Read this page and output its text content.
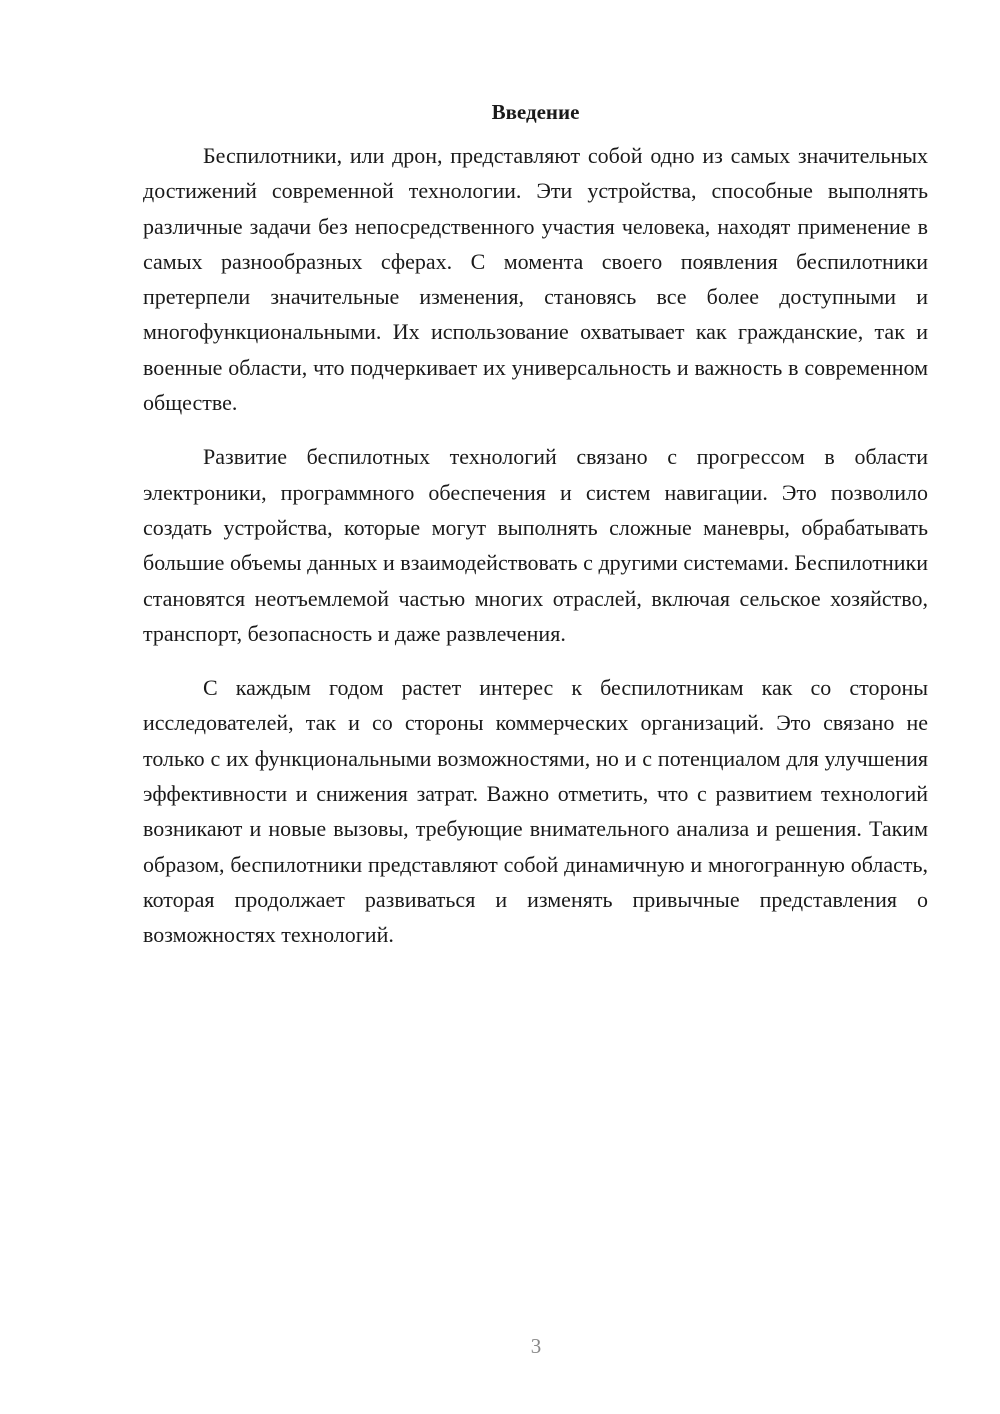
Введение

Беспилотники, или дрон, представляют собой одно из самых значительных достижений современной технологии. Эти устройства, способные выполнять различные задачи без непосредственного участия человека, находят применение в самых разнообразных сферах. С момента своего появления беспилотники претерпели значительные изменения, становясь все более доступными и многофункциональными. Их использование охватывает как гражданские, так и военные области, что подчеркивает их универсальность и важность в современном обществе.

Развитие беспилотных технологий связано с прогрессом в области электроники, программного обеспечения и систем навигации. Это позволило создать устройства, которые могут выполнять сложные маневры, обрабатывать большие объемы данных и взаимодействовать с другими системами. Беспилотники становятся неотъемлемой частью многих отраслей, включая сельское хозяйство, транспорт, безопасность и даже развлечения.

С каждым годом растет интерес к беспилотникам как со стороны исследователей, так и со стороны коммерческих организаций. Это связано не только с их функциональными возможностями, но и с потенциалом для улучшения эффективности и снижения затрат. Важно отметить, что с развитием технологий возникают и новые вызовы, требующие внимательного анализа и решения. Таким образом, беспилотники представляют собой динамичную и многогранную область, которая продолжает развиваться и изменять привычные представления о возможностях технологий.

3
